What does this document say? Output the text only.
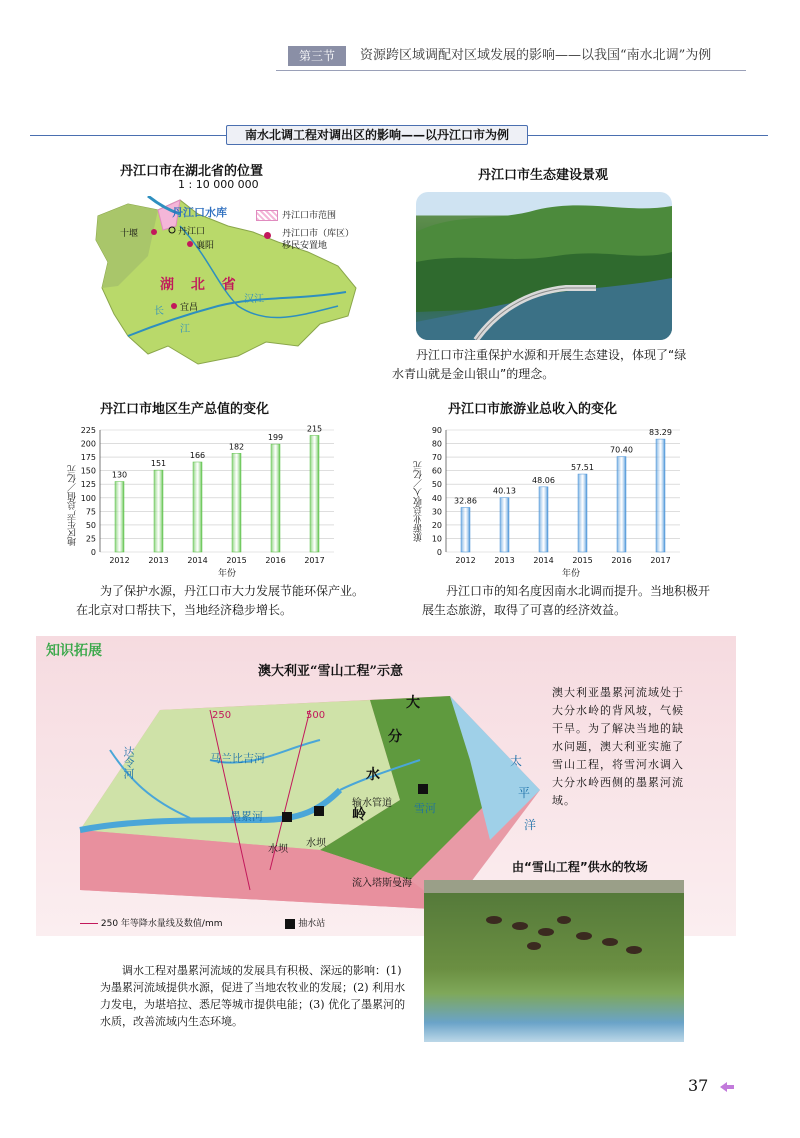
第三节	资源跨区域调配对区域发展的影响——以我国“南水北调”为例
南水北调工程对调出区的影响——以丹江口市为例
丹江口市在湖北省的位置
1 : 10 000 000
丹江口水库
十堰	丹江口
襄阳
宜昌
湖 北 省
汉江
长
江
丹江口市范围
丹江口市（库区）
移民安置地
丹江口市生态建设景观
丹江口市注重保护水源和开展生态建设，体现了“绿水青山就是金山银山”的理念。
丹江口市地区生产总值的变化
0
25
50
75
100
125
150
175
200
225
130
2012
151
2013
166
2014
182
2015
199
2016
215
2017
地区生产总值／亿元
年份
为了保护水源，丹江口市大力发展节能环保产业。在北京对口帮扶下，当地经济稳步增长。
丹江口市旅游业总收入的变化
0
10
20
30
40
50
60
70
80
90
32.86
2012
40.13
2013
48.06
2014
57.51
2015
70.40
2016
83.29
2017
旅游业总收入／亿元
年份
丹江口市的知名度因南水北调而提升。当地积极开展生态旅游，取得了可喜的经济效益。
知识拓展
澳大利亚“雪山工程”示意
250	500
达令河	马兰比吉河
墨累河
大
分
水
岭
输水管道
水坝
水坝
雪河
太
平
洋
流入塔斯曼海
澳大利亚墨累河流域处于大分水岭的背风坡，气候干旱。为了解决当地的缺水问题，澳大利亚实施了雪山工程，将雪河水调入大分水岭西侧的墨累河流域。
250 年等降水量线及数值/mm	抽水站
由“雪山工程”供水的牧场
调水工程对墨累河流域的发展具有积极、深远的影响：(1) 为墨累河流域提供水源，促进了当地农牧业的发展；(2) 利用水力发电，为堪培拉、悉尼等城市提供电能；(3) 优化了墨累河的水质，改善流域内生态环境。
37
